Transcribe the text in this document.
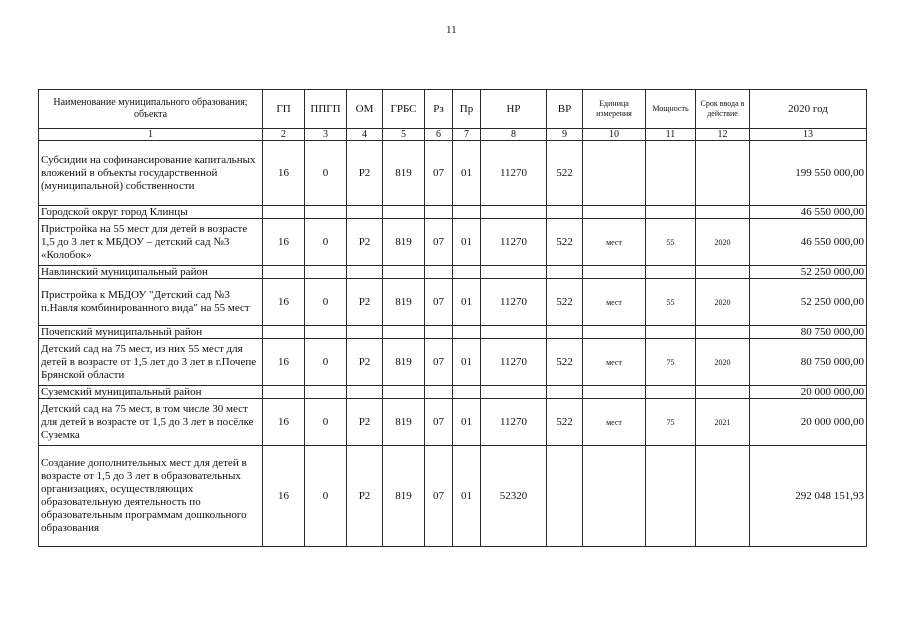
11
Наименование муниципального образования; объекта	ГП	ППГП	ОМ	ГРБС	Рз	Пр	НР	ВР	Единица измерения	Мощность	Срок ввода в действие	2020 год
1	2	3	4	5	6	7	8	9	10	11	12	13
Субсидии на софинансирование капитальных вложений в объекты государственной (муниципальной) собственности	16	0	P2	819	07	01	11270	522				199 550 000,00
Городской округ город Клинцы												46 550 000,00
Пристройка на 55 мест для детей в возрасте 1,5 до 3 лет к МБДОУ – детский сад №3 «Колобок»	16	0	P2	819	07	01	11270	522	мест	55	2020	46 550 000,00
Навлинский муниципальный район												52 250 000,00
Пристройка к МБДОУ "Детский сад №3 п.Навля комбинированного вида" на 55 мест	16	0	P2	819	07	01	11270	522	мест	55	2020	52 250 000,00
Почепский муниципальный район												80 750 000,00
Детский сад на 75 мест, из них 55 мест для детей в возрасте от 1,5 лет до 3 лет в г.Почепе Брянской области	16	0	P2	819	07	01	11270	522	мест	75	2020	80 750 000,00
Суземский муниципальный район												20 000 000,00
Детский сад на 75 мест, в том числе 30 мест для детей в возрасте от 1,5 до 3 лет в посёлке Суземка	16	0	P2	819	07	01	11270	522	мест	75	2021	20 000 000,00
Создание дополнительных мест для детей в возрасте от 1,5 до 3 лет в образовательных организациях, осуществляющих образовательную деятельность по образовательным программам дошкольного образования	16	0	P2	819	07	01	52320					292 048 151,93
